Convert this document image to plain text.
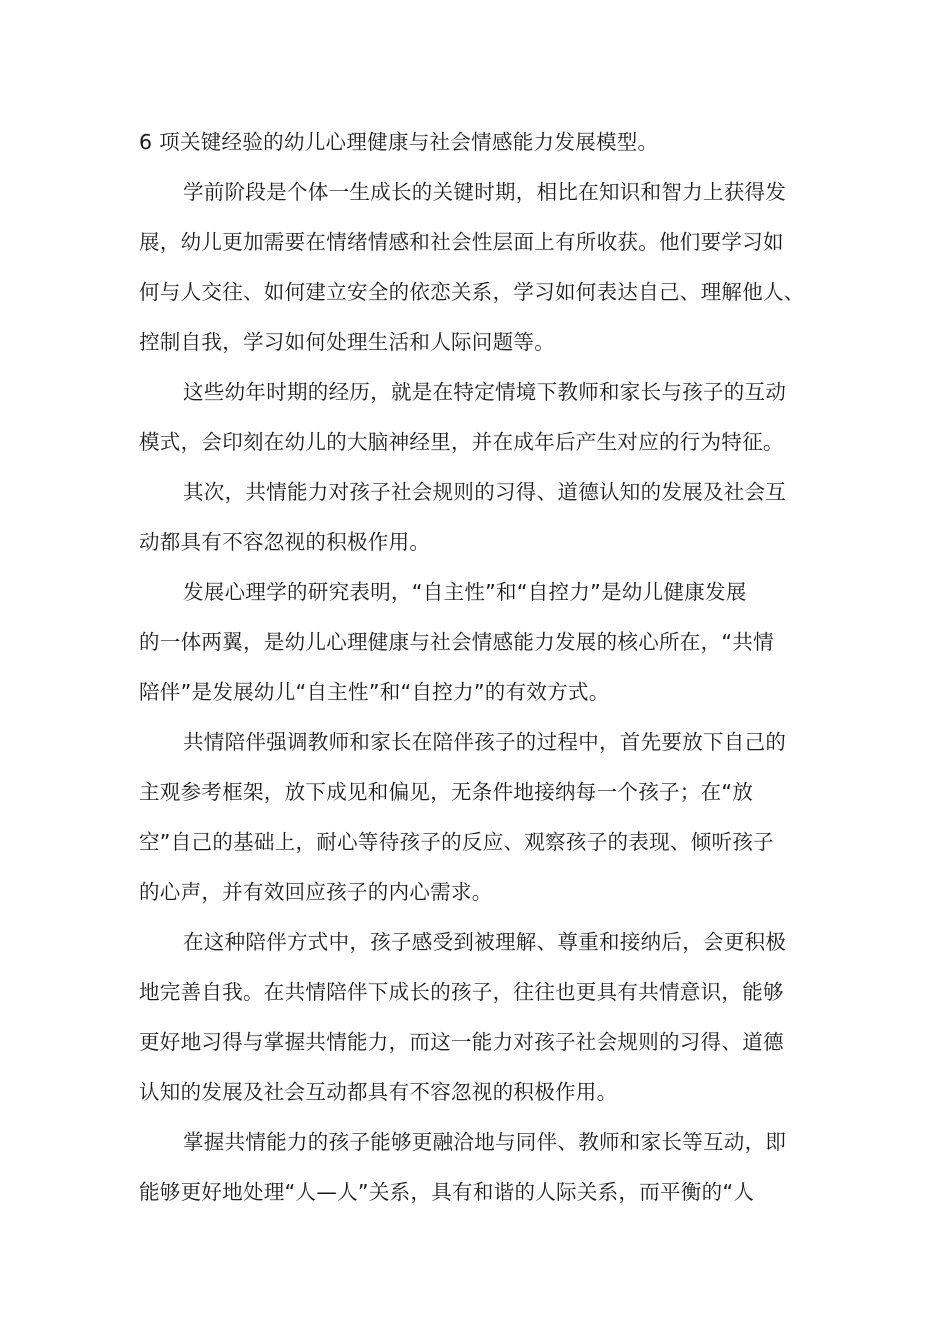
6 项关键经验的幼儿心理健康与社会情感能力发展模型。
学前阶段是个体一生成长的关键时期，相比在知识和智力上获得发
展，幼儿更加需要在情绪情感和社会性层面上有所收获。他们要学习如
何与人交往、如何建立安全的依恋关系，学习如何表达自己、理解他人、
控制自我，学习如何处理生活和人际问题等。
这些幼年时期的经历，就是在特定情境下教师和家长与孩子的互动
模式，会印刻在幼儿的大脑神经里，并在成年后产生对应的行为特征。
其次，共情能力对孩子社会规则的习得、道德认知的发展及社会互
动都具有不容忽视的积极作用。
发展心理学的研究表明，“自主性”和“自控力”是幼儿健康发展
的一体两翼，是幼儿心理健康与社会情感能力发展的核心所在，“共情
陪伴”是发展幼儿“自主性”和“自控力”的有效方式。
共情陪伴强调教师和家长在陪伴孩子的过程中，首先要放下自己的
主观参考框架，放下成见和偏见，无条件地接纳每一个孩子；在“放
空”自己的基础上，耐心等待孩子的反应、观察孩子的表现、倾听孩子
的心声，并有效回应孩子的内心需求。
在这种陪伴方式中，孩子感受到被理解、尊重和接纳后，会更积极
地完善自我。在共情陪伴下成长的孩子，往往也更具有共情意识，能够
更好地习得与掌握共情能力，而这一能力对孩子社会规则的习得、道德
认知的发展及社会互动都具有不容忽视的积极作用。
掌握共情能力的孩子能够更融洽地与同伴、教师和家长等互动，即
能够更好地处理“人—人”关系，具有和谐的人际关系，而平衡的“人
